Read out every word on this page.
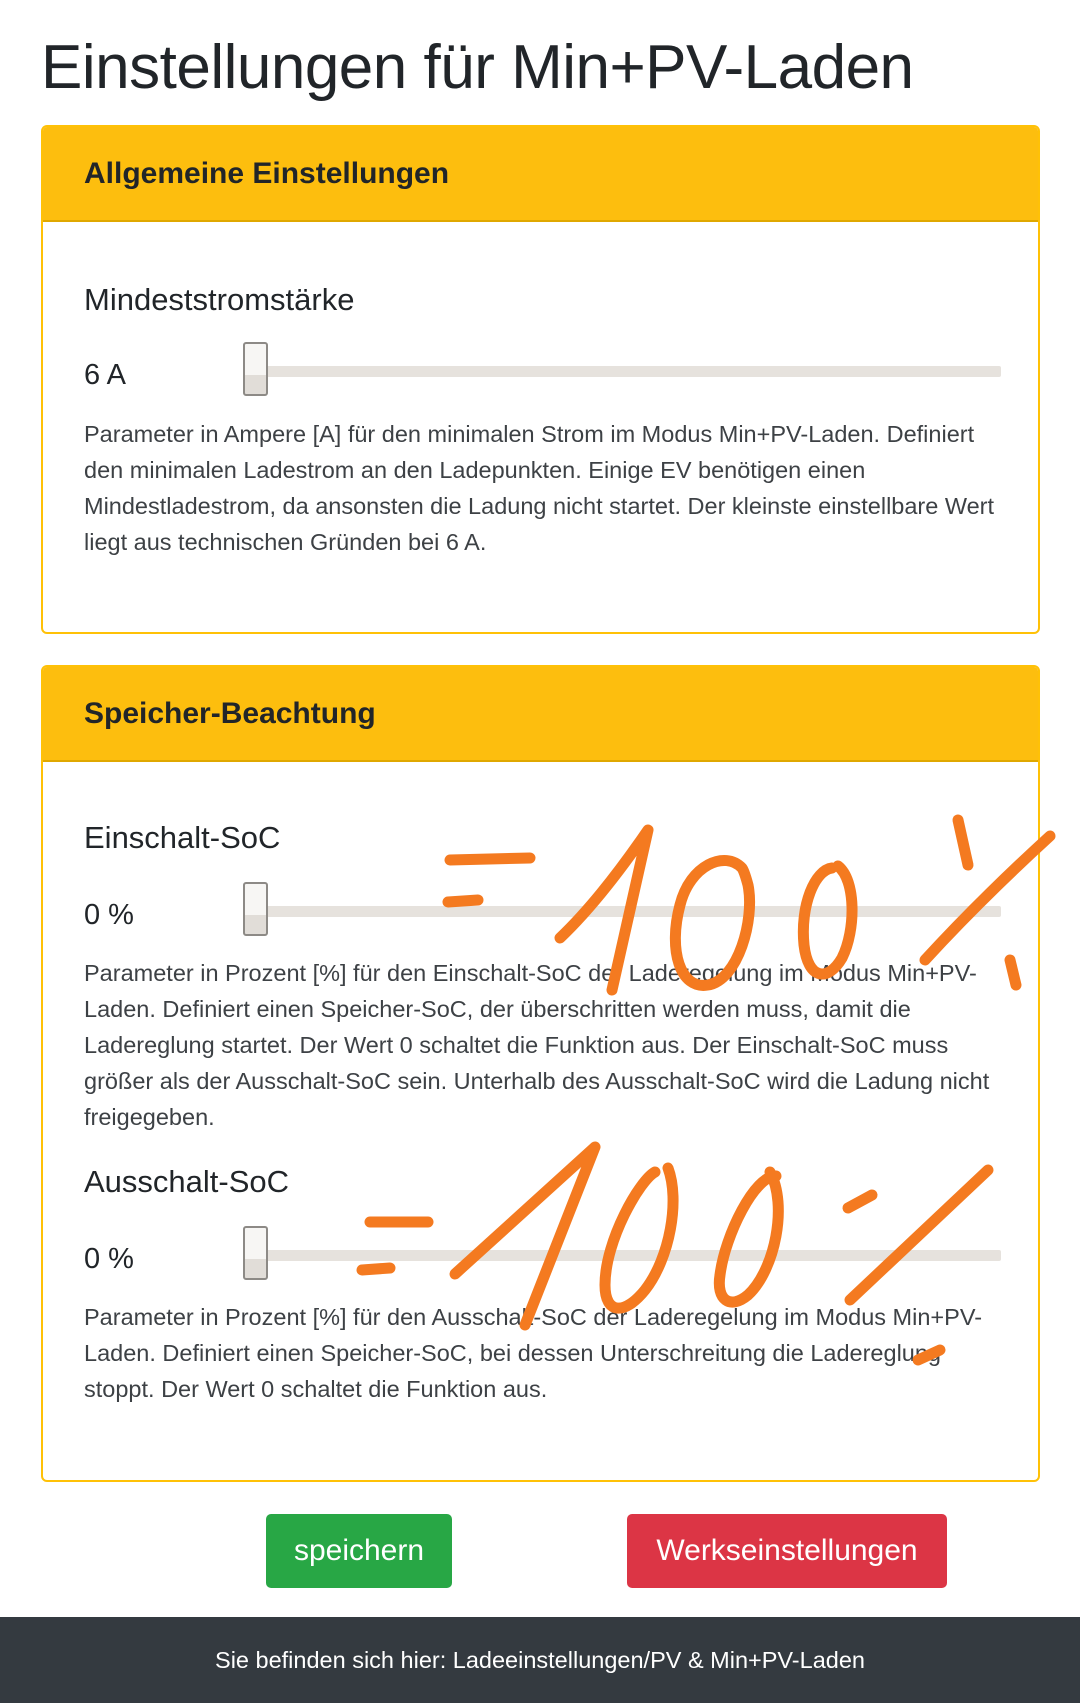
Einstellungen für Min+PV-Laden
Allgemeine Einstellungen
Mindeststromstärke
6 A

Parameter in Ampere [A] für den minimalen Strom im Modus Min+PV-Laden. Definiert den minimalen Ladestrom an den Ladepunkten. Einige EV benötigen einen Mindestladestrom, da ansonsten die Ladung nicht startet. Der kleinste einstellbare Wert liegt aus technischen Gründen bei 6 A.

Speicher-Beachtung
Einschalt-SoC
0 %

Parameter in Prozent [%] für den Einschalt-SoC der Laderegelung im Modus Min+PV-Laden. Definiert einen Speicher-SoC, der überschritten werden muss, damit die Ladereglung startet. Der Wert 0 schaltet die Funktion aus. Der Einschalt-SoC muss größer als der Ausschalt-SoC sein. Unterhalb des Ausschalt-SoC wird die Ladung nicht freigegeben.

Ausschalt-SoC
0 %

Parameter in Prozent [%] für den Ausschalt-SoC der Laderegelung im Modus Min+PV-Laden. Definiert einen Speicher-SoC, bei dessen Unterschreitung die Ladereglung stoppt. Der Wert 0 schaltet die Funktion aus.

speichern	Werkseinstellungen
Sie befinden sich hier: Ladeeinstellungen/PV & Min+PV-Laden
